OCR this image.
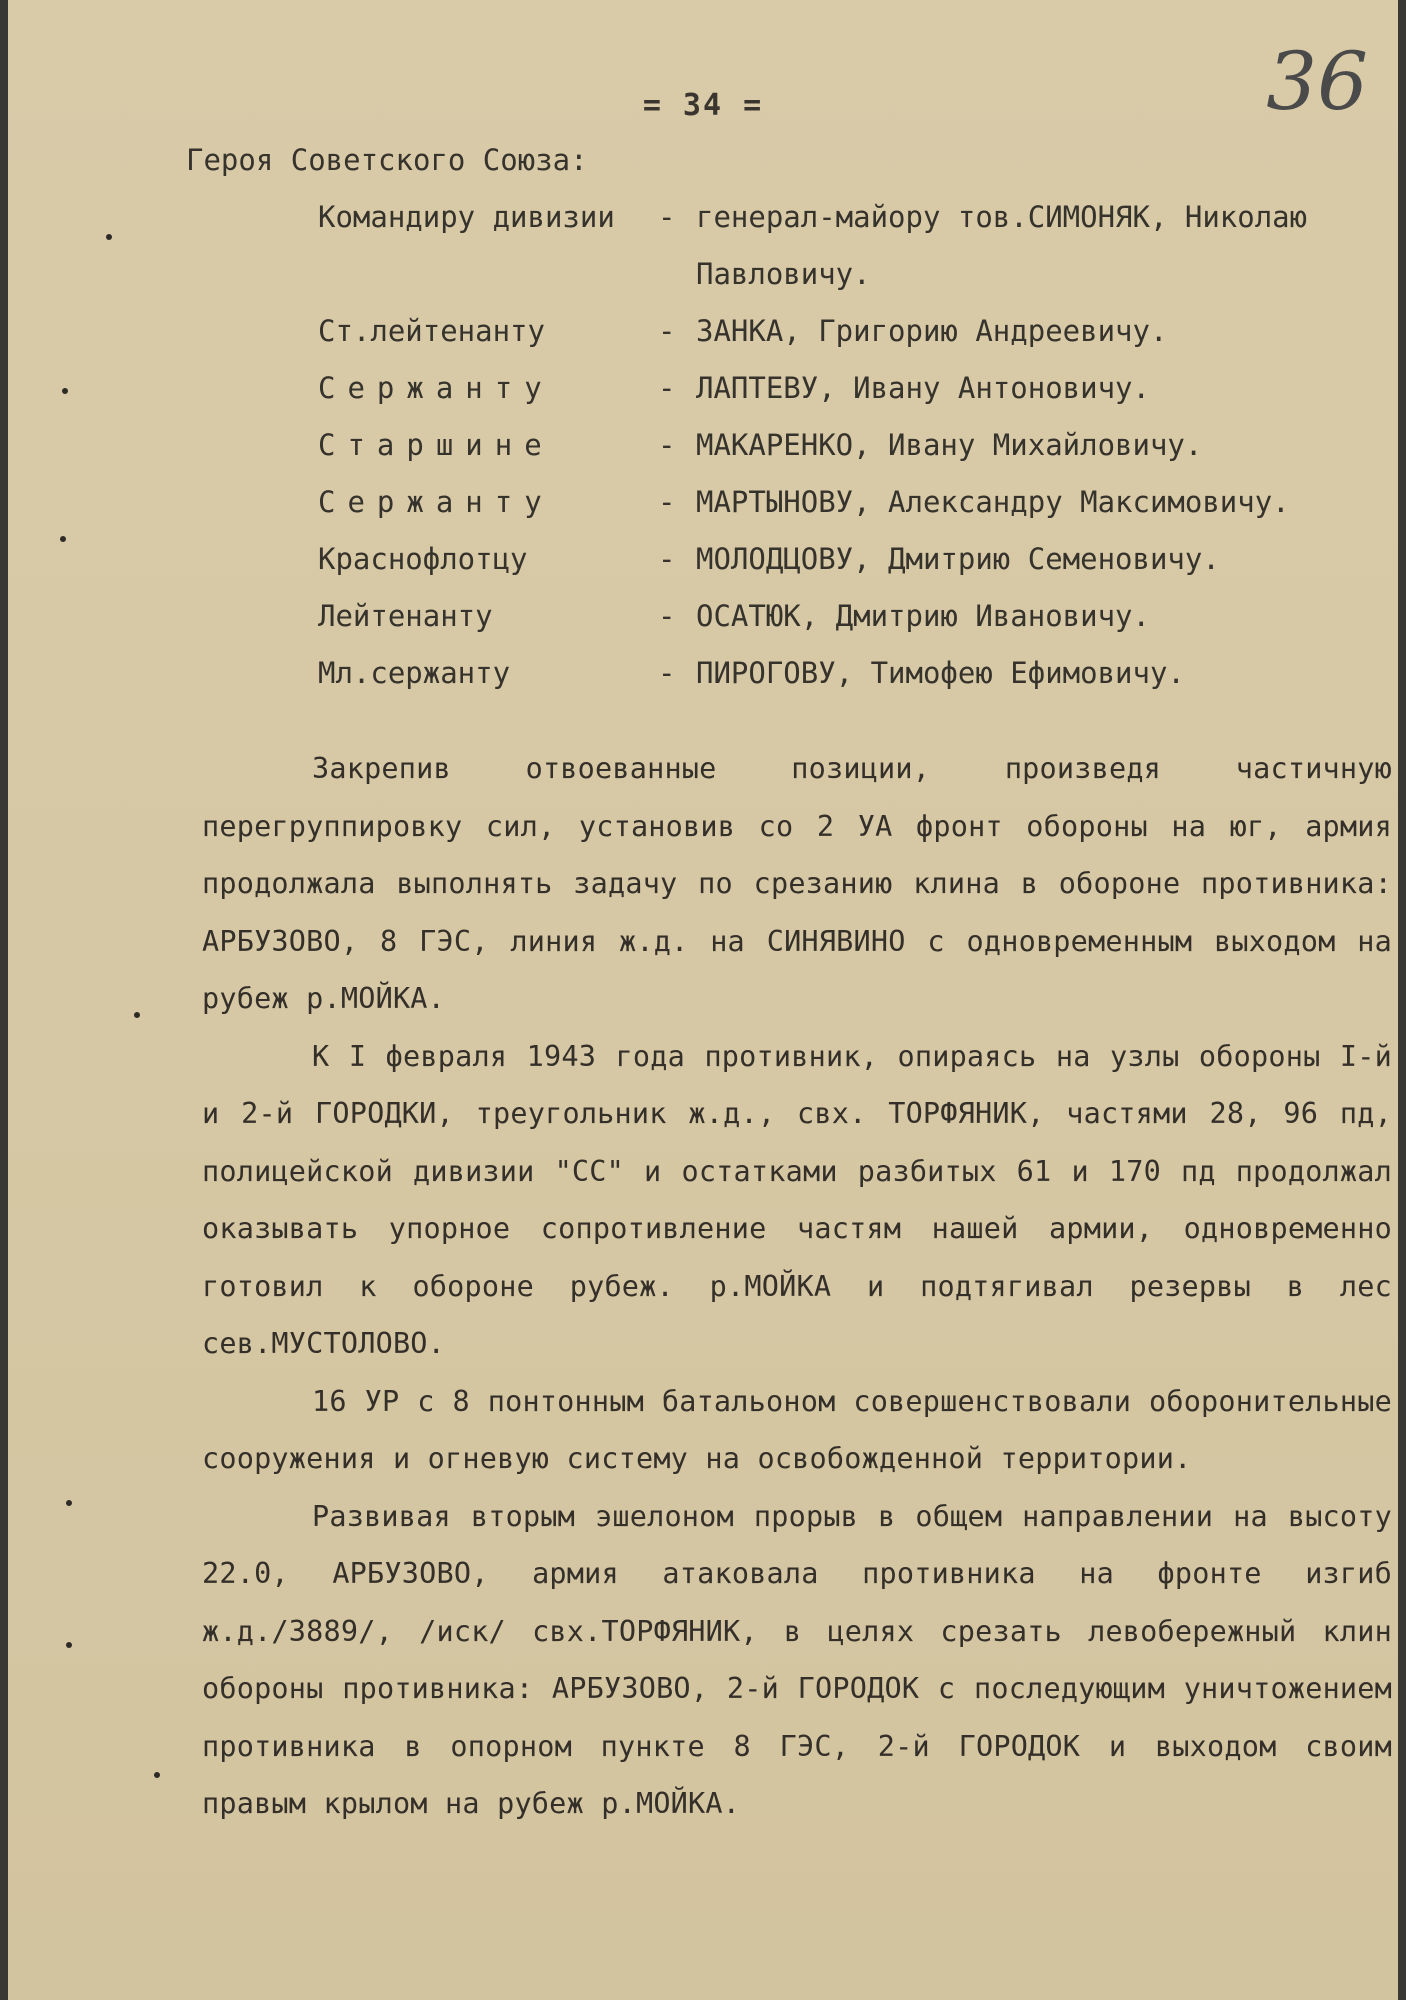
36
= 34 =
Героя Советского Союза:
Командиру дивизии - генерал-майору тов.СИМОНЯК, Николаю
Павловичу.
Ст.лейтенанту	- ЗАНКА, Григорию Андреевичу.
Сержанту	- ЛАПТЕВУ, Ивану Антоновичу.
Старшине	- МАКАРЕНКО, Ивану Михайловичу.
Сержанту	- МАРТЫНОВУ, Александру Максимовичу.
Краснофлотцу	- МОЛОДЦОВУ, Дмитрию Семеновичу.
Лейтенанту	- ОСАТЮК, Дмитрию Ивановичу.
Мл.сержанту	- ПИРОГОВУ, Тимофею Ефимовичу.

Закрепив отвоеванные позиции, произведя частичную перегруппировку сил, установив со 2 УА фронт обороны на юг, армия продолжала выполнять задачу по срезанию клина в обороне противника: АРБУЗОВО, 8 ГЭС, линия ж.д. на СИНЯВИНО с одновременным выходом на рубеж р.МОЙКА.

К I февраля 1943 года противник, опираясь на узлы обороны I-й и 2-й ГОРОДКИ, треугольник ж.д., свх. ТОРФЯНИК, частями 28, 96 пд, полицейской дивизии "СС" и остатками разбитых 61 и 170 пд продолжал оказывать упорное сопротивление частям нашей армии, одновременно готовил к обороне рубеж. р.МОЙКА и подтягивал резервы в лес сев.МУСТОЛОВО.

16 УР с 8 понтонным батальоном совершенствовали оборонительные сооружения и огневую систему на освобожденной территории.

Развивая вторым эшелоном прорыв в общем направлении на высоту 22.0, АРБУЗОВО, армия атаковала противника на фронте изгиб ж.д./3889/, /иск/ свх.ТОРФЯНИК, в целях срезать левобережный клин обороны противника: АРБУЗОВО, 2-й ГОРОДОК с последующим уничтожением противника в опорном пункте 8 ГЭС, 2-й ГОРОДОК и выходом своим правым крылом на рубеж р.МОЙКА.
